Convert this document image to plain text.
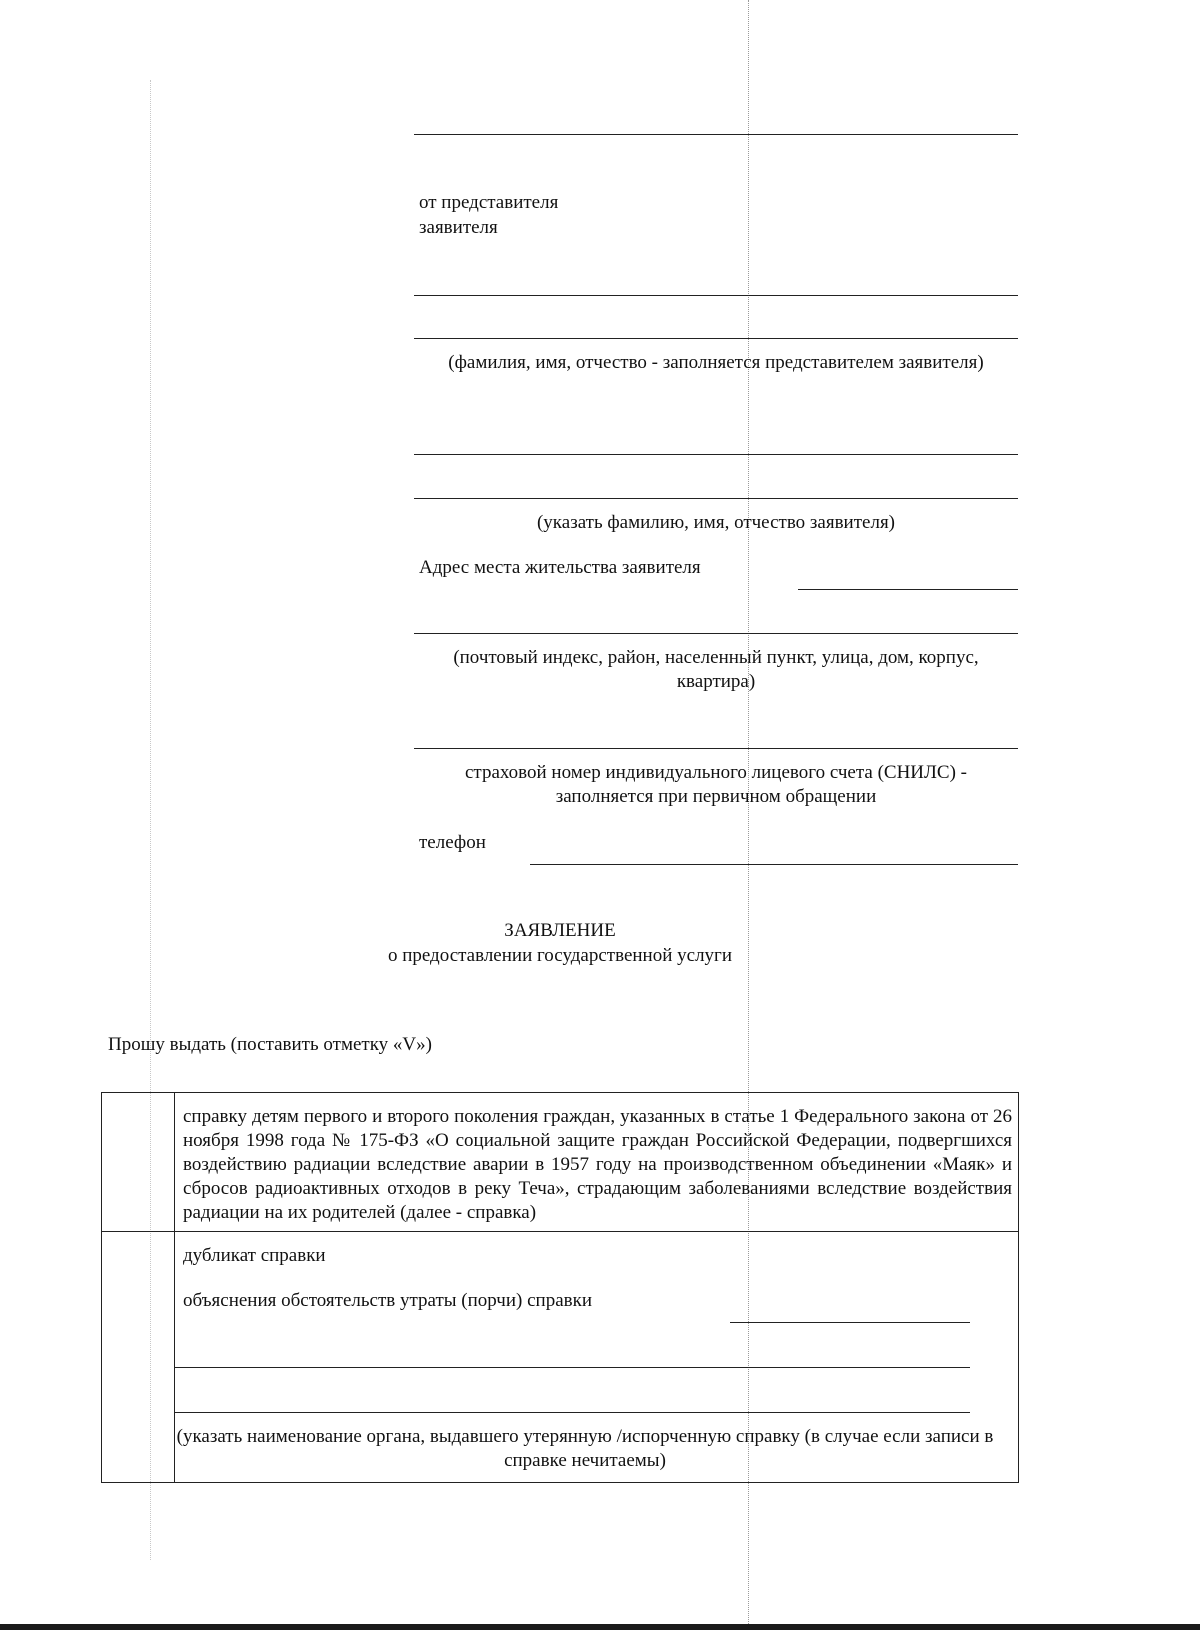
от представителя
заявителя
(фамилия, имя, отчество - заполняется представителем заявителя)
(указать фамилию, имя, отчество заявителя)
Адрес места жительства заявителя
(почтовый индекс, район, населенный пункт, улица, дом, корпус, квартира)
страховой номер индивидуального лицевого счета (СНИЛС) - заполняется при первичном обращении
телефон
ЗАЯВЛЕНИЕ
о предоставлении государственной услуги
Прошу выдать (поставить отметку «V»)

	справку детям первого и второго поколения граждан, указанных в статье 1 Федерального закона от 26 ноября 1998 года № 175-ФЗ «О социальной защите граждан Российской Федерации, подвергшихся воздействию радиации вследствие аварии в 1957 году на производственном объединении «Маяк» и сбросов радиоактивных отходов в реку Теча», страдающим заболеваниями вследствие воздействия радиации на их родителей (далее - справка)

	дубликат справки
объяснения обстоятельств утраты (порчи) справки
(указать наименование органа, выдавшего утерянную /испорченную справку (в случае если записи в справке нечитаемы)
